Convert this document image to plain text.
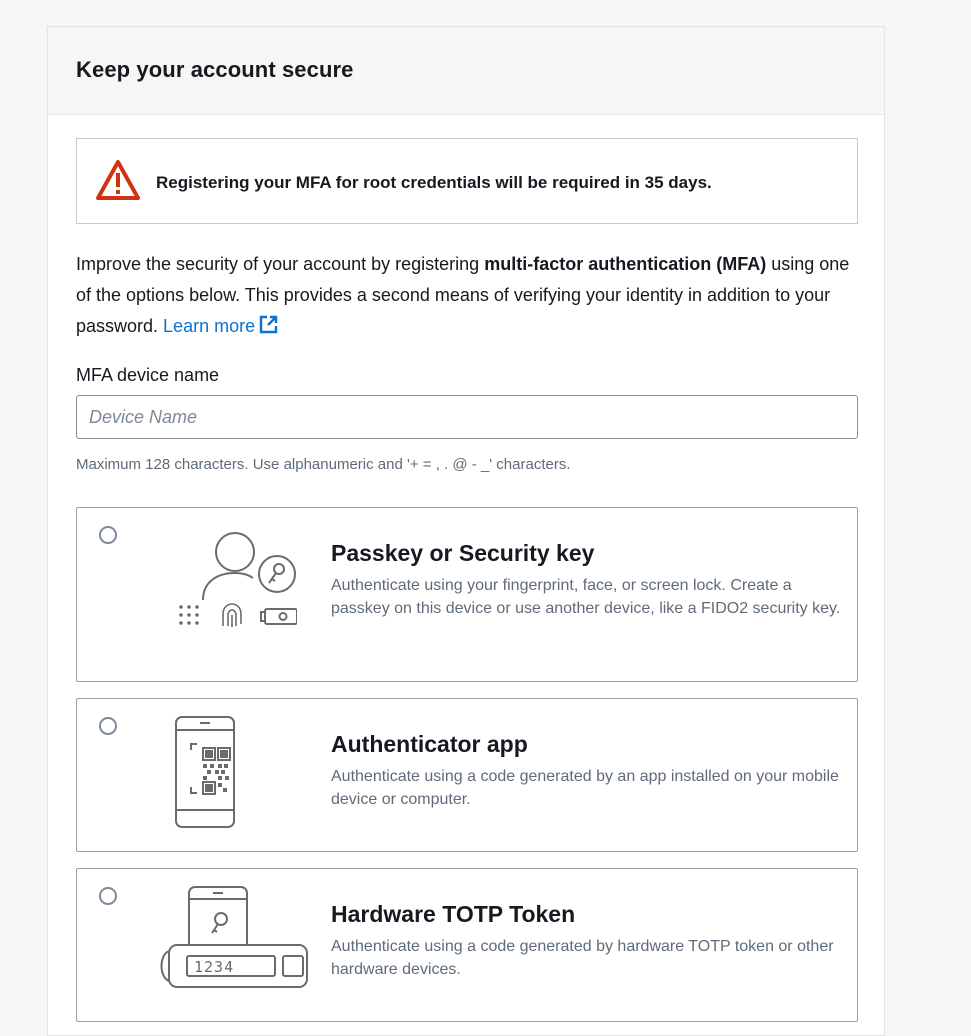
Keep your account secure
Registering your MFA for root credentials will be required in 35 days.
Improve the security of your account by registering multi-factor authentication (MFA) using one of the options below. This provides a second means of verifying your identity in addition to your password. Learn more
MFA device name
Device Name
Maximum 128 characters. Use alphanumeric and '+ = , . @ - _' characters.
Passkey or Security key
Authenticate using your fingerprint, face, or screen lock. Create a passkey on this device or use another device, like a FIDO2 security key.
Authenticator app
Authenticate using a code generated by an app installed on your mobile device or computer.
1234
Hardware TOTP Token
Authenticate using a code generated by hardware TOTP token or other hardware devices.
